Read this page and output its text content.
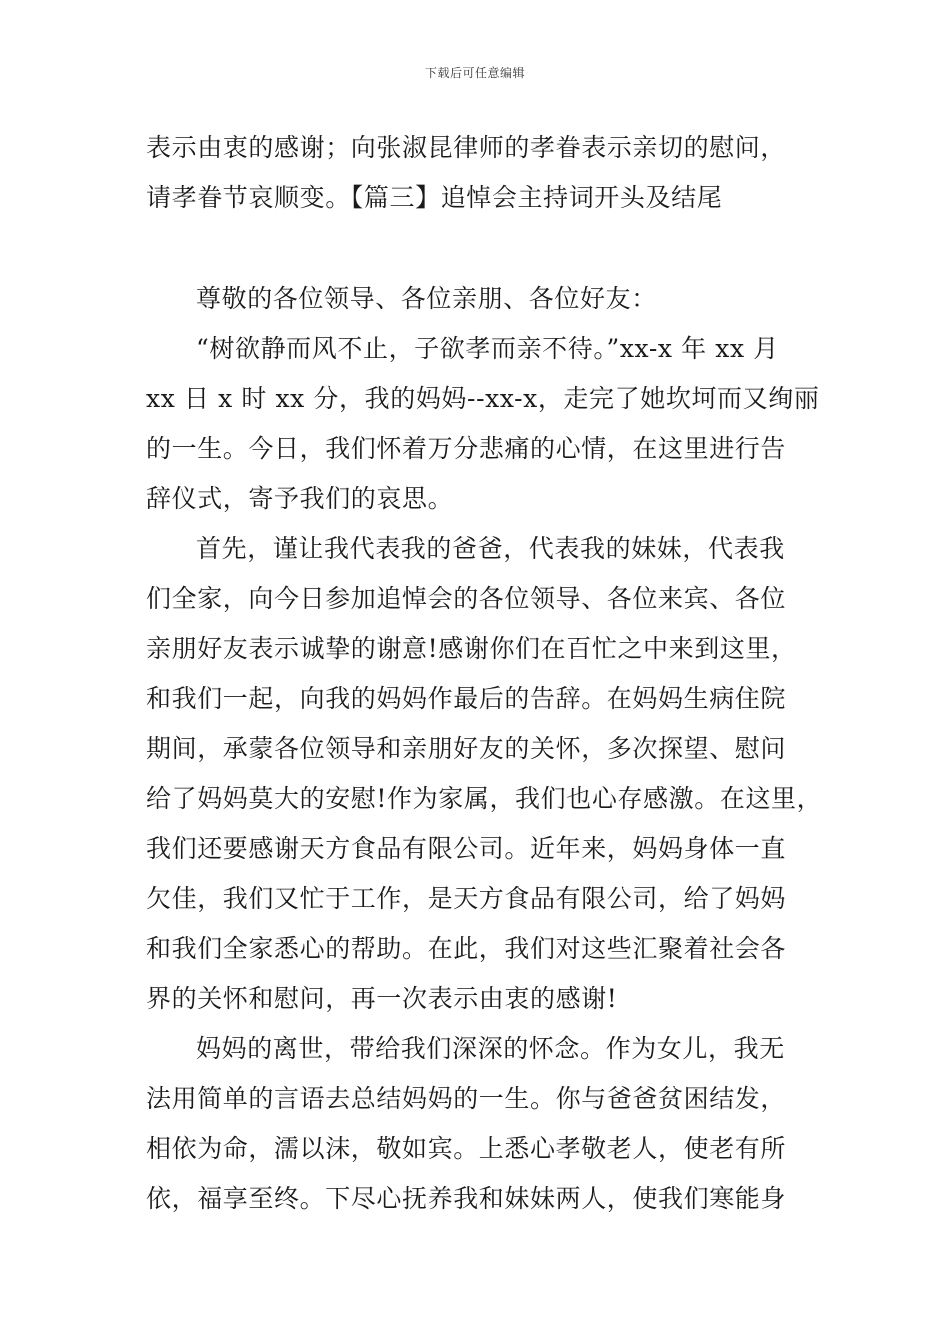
下载后可任意编辑
表示由衷的感谢；向张淑昆律师的孝眷表示亲切的慰问，
请孝眷节哀顺变。【篇三】追悼会主持词开头及结尾
尊敬的各位领导、各位亲朋、各位好友：
“树欲静而风不止，子欲孝而亲不待。”xx-x 年 xx 月
xx 日 x 时 xx 分，我的妈妈--xx-x，走完了她坎坷而又绚丽
的一生。今日，我们怀着万分悲痛的心情，在这里进行告
辞仪式，寄予我们的哀思。
首先，谨让我代表我的爸爸，代表我的妹妹，代表我
们全家，向今日参加追悼会的各位领导、各位来宾、各位
亲朋好友表示诚挚的谢意!感谢你们在百忙之中来到这里，
和我们一起，向我的妈妈作最后的告辞。在妈妈生病住院
期间，承蒙各位领导和亲朋好友的关怀，多次探望、慰问
给了妈妈莫大的安慰!作为家属，我们也心存感激。在这里，
我们还要感谢天方食品有限公司。近年来，妈妈身体一直
欠佳，我们又忙于工作，是天方食品有限公司，给了妈妈
和我们全家悉心的帮助。在此，我们对这些汇聚着社会各
界的关怀和慰问，再一次表示由衷的感谢!
妈妈的离世，带给我们深深的怀念。作为女儿，我无
法用简单的言语去总结妈妈的一生。你与爸爸贫困结发，
相依为命，濡以沫，敬如宾。上悉心孝敬老人，使老有所
依，福享至终。下尽心抚养我和妹妹两人，使我们寒能身
